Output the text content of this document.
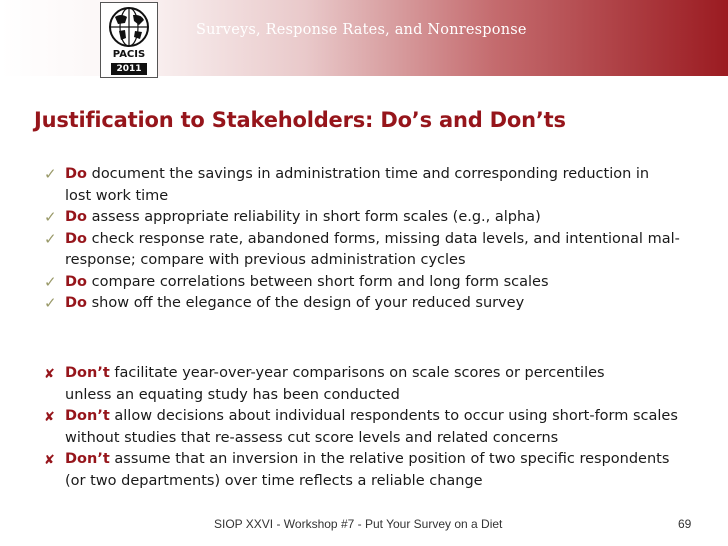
PACIS
2011
Surveys, Response Rates, and Nonresponse
Justification to Stakeholders: Do’s and Don’ts
✓ Do document the savings in administration time and corresponding reduction in
lost work time
✓ Do assess appropriate reliability in short form scales (e.g., alpha)
✓ Do check response rate, abandoned forms, missing data levels, and intentional mal-
response; compare with previous administration cycles
✓ Do compare correlations between short form and long form scales
✓ Do show off the elegance of the design of your reduced survey
✘ Don’t facilitate year-over-year comparisons on scale scores or percentiles
unless an equating study has been conducted
✘ Don’t allow decisions about individual respondents to occur using short-form scales
without studies that re-assess cut score levels and related concerns
✘ Don’t assume that an inversion in the relative position of two specific respondents
(or two departments) over time reflects a reliable change
SIOP XXVI - Workshop #7 - Put Your Survey on a Diet	69
